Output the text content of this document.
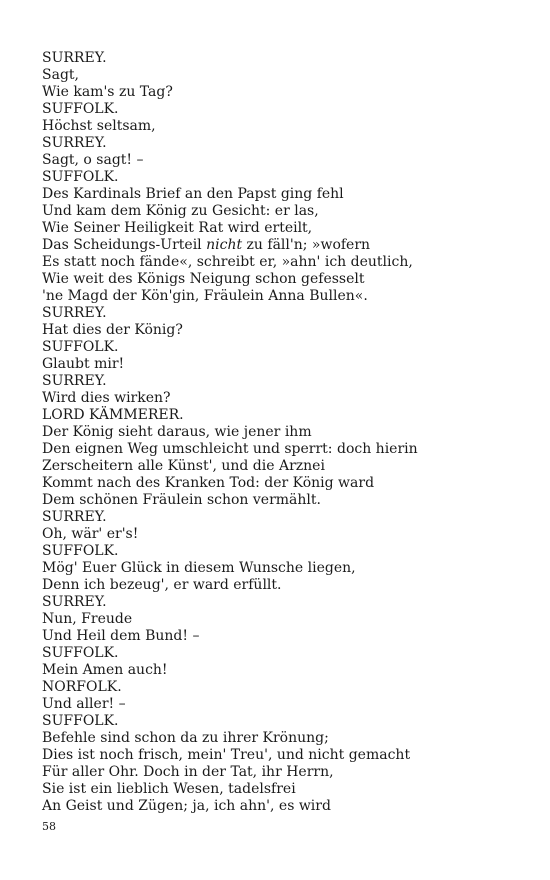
SURREY.
Sagt,
Wie kam's zu Tag?
SUFFOLK.
Höchst seltsam,
SURREY.
Sagt, o sagt! –
SUFFOLK.
Des Kardinals Brief an den Papst ging fehl
Und kam dem König zu Gesicht: er las,
Wie Seiner Heiligkeit Rat wird erteilt,
Das Scheidungs-Urteil nicht zu fäll'n; »wofern
Es statt noch fände«, schreibt er, »ahn' ich deutlich,
Wie weit des Königs Neigung schon gefesselt
'ne Magd der Kön'gin, Fräulein Anna Bullen«.
SURREY.
Hat dies der König?
SUFFOLK.
Glaubt mir!
SURREY.
Wird dies wirken?
LORD KÄMMERER.
Der König sieht daraus, wie jener ihm
Den eignen Weg umschleicht und sperrt: doch hierin
Zerscheitern alle Künst', und die Arznei
Kommt nach des Kranken Tod: der König ward
Dem schönen Fräulein schon vermählt.
SURREY.
Oh, wär' er's!
SUFFOLK.
Mög' Euer Glück in diesem Wunsche liegen,
Denn ich bezeug', er ward erfüllt.
SURREY.
Nun, Freude
Und Heil dem Bund! –
SUFFOLK.
Mein Amen auch!
NORFOLK.
Und aller! –
SUFFOLK.
Befehle sind schon da zu ihrer Krönung;
Dies ist noch frisch, mein' Treu', und nicht gemacht
Für aller Ohr. Doch in der Tat, ihr Herrn,
Sie ist ein lieblich Wesen, tadelsfrei
An Geist und Zügen; ja, ich ahn', es wird
58
